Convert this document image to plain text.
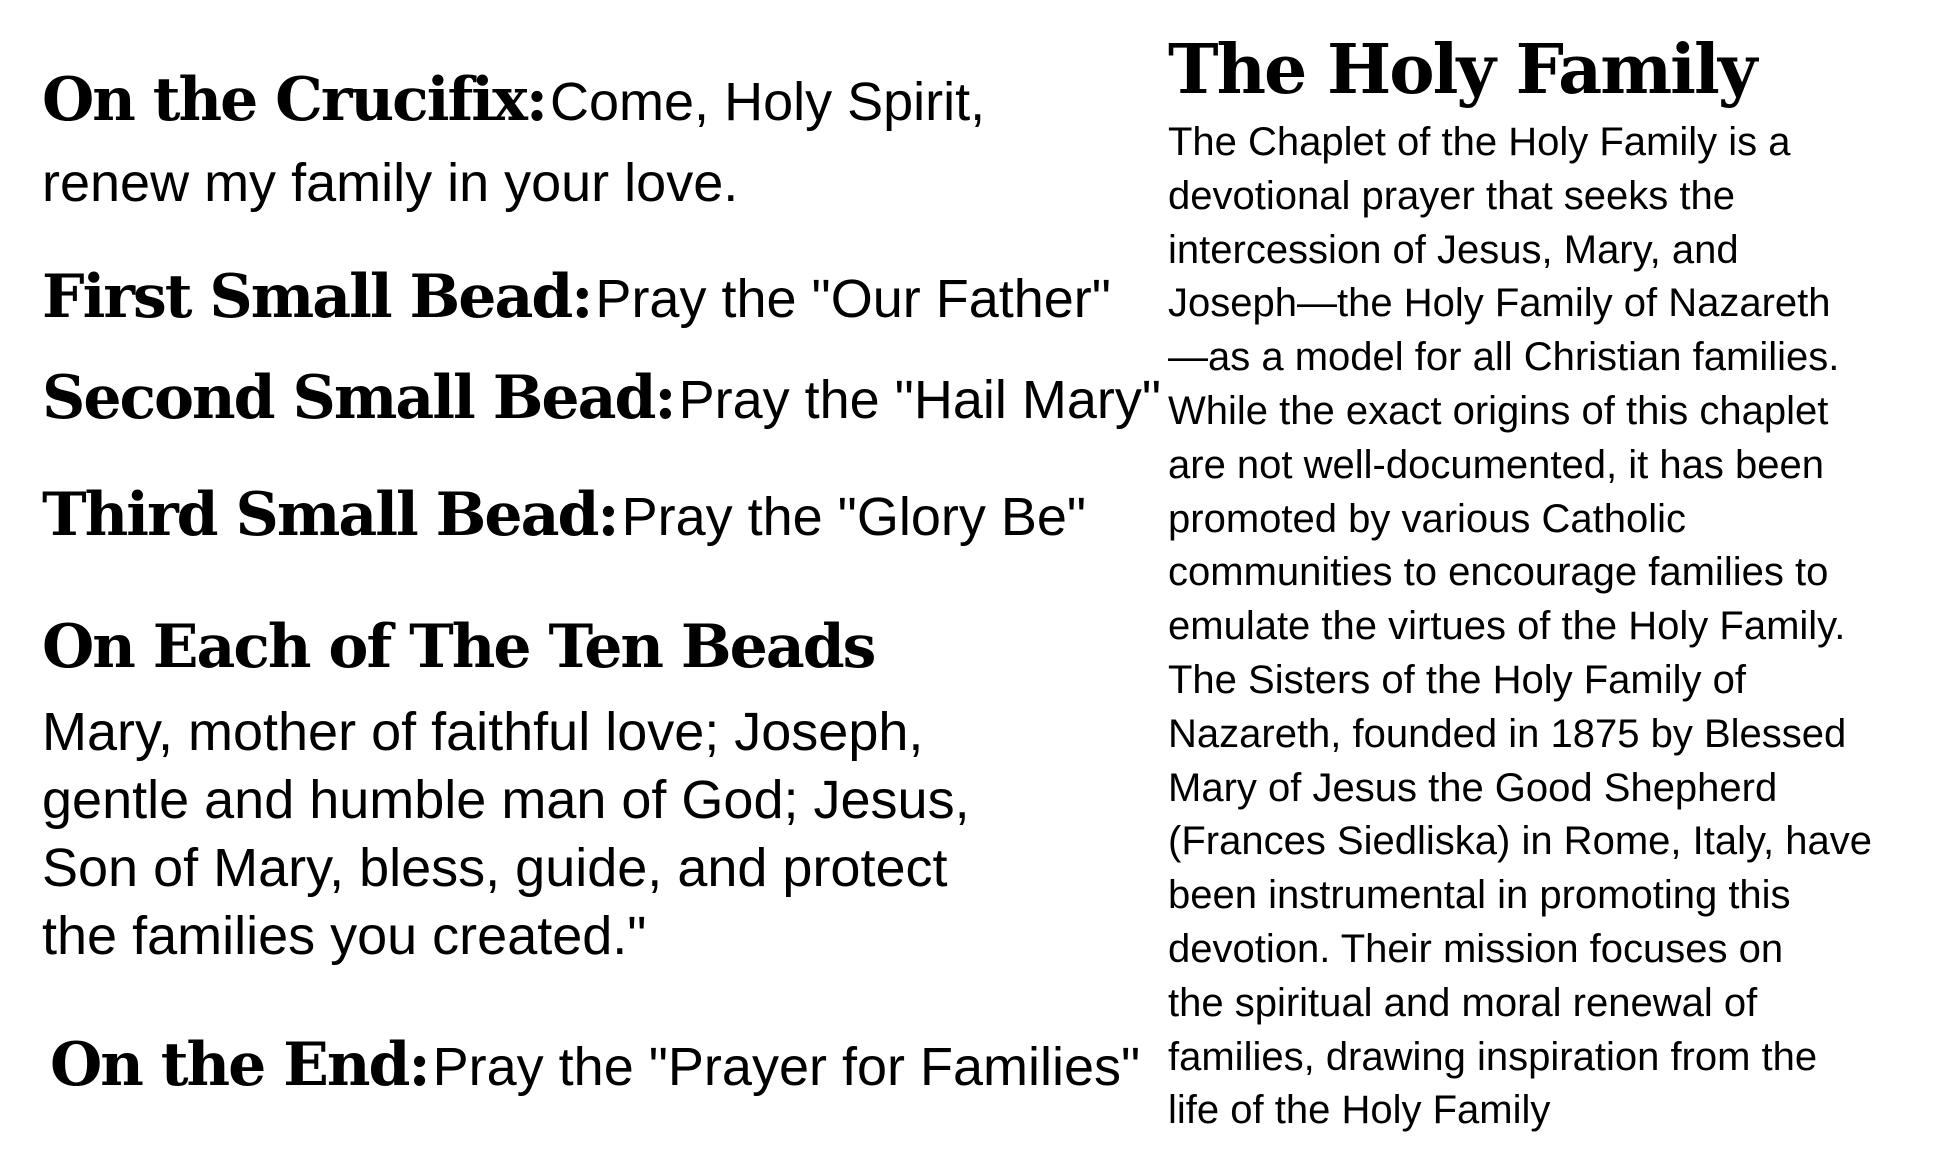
On the Crucifix: Come, Holy Spirit,

renew my family in your love.

First Small Bead: Pray the "Our Father"

Second Small Bead: Pray the "Hail Mary"

Third Small Bead: Pray the "Glory Be"

On Each of The Ten Beads

Mary, mother of faithful love; Joseph,
gentle and humble man of God; Jesus,
Son of Mary, bless, guide, and protect
the families you created."

On the End: Pray the "Prayer for Families"

The Holy Family

The Chaplet of the Holy Family is a
devotional prayer that seeks the
intercession of Jesus, Mary, and
Joseph—the Holy Family of Nazareth
—as a model for all Christian families.
While the exact origins of this chaplet
are not well-documented, it has been
promoted by various Catholic
communities to encourage families to
emulate the virtues of the Holy Family.
The Sisters of the Holy Family of
Nazareth, founded in 1875 by Blessed
Mary of Jesus the Good Shepherd
(Frances Siedliska) in Rome, Italy, have
been instrumental in promoting this
devotion. Their mission focuses on
the spiritual and moral renewal of
families, drawing inspiration from the
life of the Holy Family
